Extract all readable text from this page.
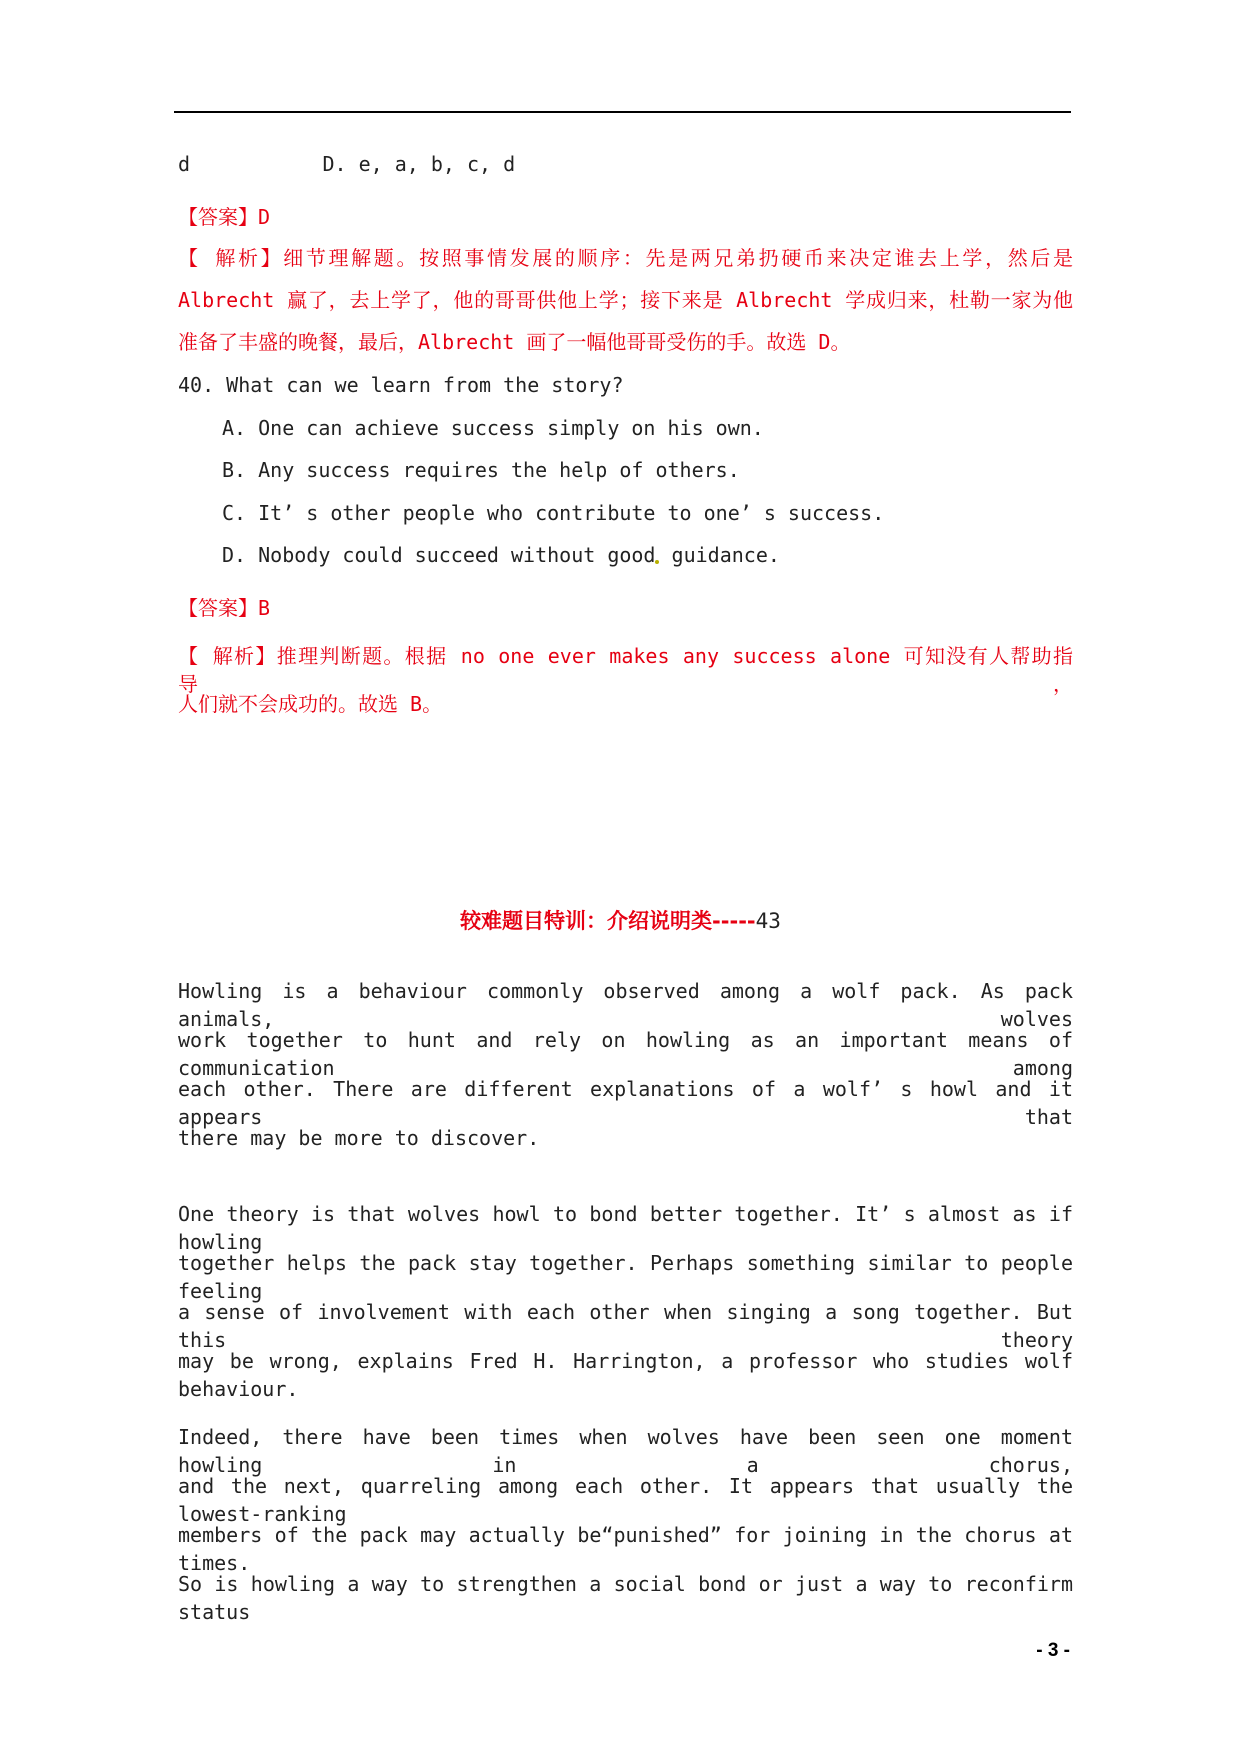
d           D. e, a, b, c, d
【答案】D
【 解析】细节理解题。按照事情发展的顺序：先是两兄弟扔硬币来决定谁去上学，然后是
Albrecht 赢了，去上学了，他的哥哥供他上学；接下来是 Albrecht 学成归来，杜勒一家为他
准备了丰盛的晚餐，最后，Albrecht 画了一幅他哥哥受伤的手。故选 D。
40. What can we learn from the story?
A. One can achieve success simply on his own.
B. Any success requires the help of others.
C. It’ s other people who contribute to one’ s success.
D. Nobody could succeed without good guidance.
【答案】B
【 解析】推理判断题。根据 no one ever makes any success alone 可知没有人帮助指导，
人们就不会成功的。故选 B。
较难题目特训：介绍说明类-----43
Howling is a behaviour commonly observed among a wolf pack. As pack animals, wolves
work together to hunt and rely on howling as an important means of communication among
each other. There are different explanations of a wolf’ s howl and it appears that
there may be more to discover.
One theory is that wolves howl to bond better together. It’ s almost as if howling
together helps the pack stay together. Perhaps something similar to people feeling
a sense of involvement with each other when singing a song together. But this theory
may be wrong, explains Fred H. Harrington, a professor who studies wolf behaviour.
Indeed, there have been times when wolves have been seen one moment howling in a chorus,
and the next, quarreling among each other. It appears that usually the lowest-ranking
members of the pack may actually be“punished” for joining in the chorus at times.
So is howling a way to strengthen a social bond or just a way to reconfirm status
- 3 -
